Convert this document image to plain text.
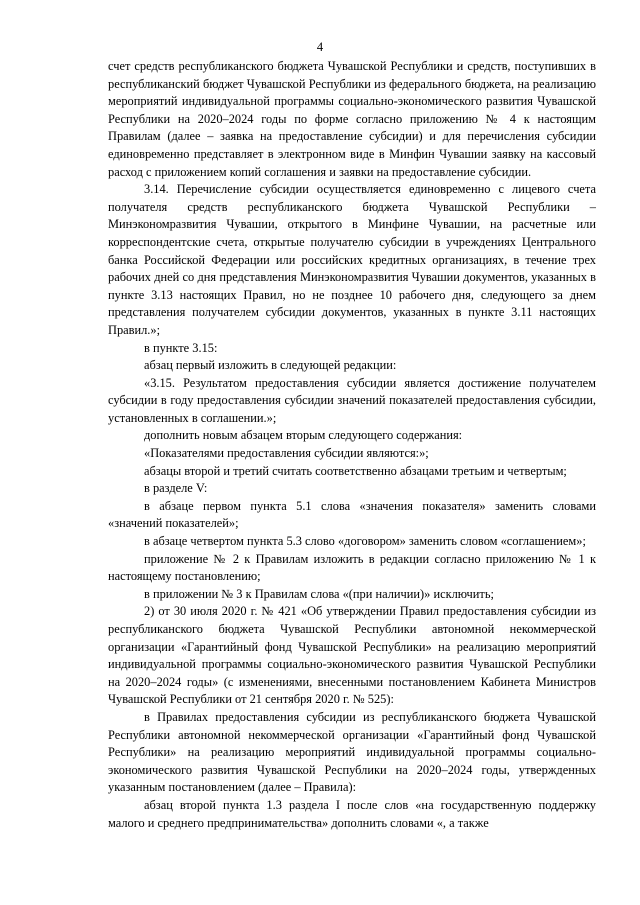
4

счет средств республиканского бюджета Чувашской Республики и средств, поступивших в республиканский бюджет Чувашской Республики из федерального бюджета, на реализацию мероприятий индивидуальной программы социально-экономического развития Чувашской Республики на 2020–2024 годы по форме согласно приложению № 4 к настоящим Правилам (далее – заявка на предоставление субсидии) и для перечисления субсидии единовременно представляет в электронном виде в Минфин Чувашии заявку на кассовый расход с приложением копий соглашения и заявки на предоставление субсидии.

3.14. Перечисление субсидии осуществляется единовременно с лицевого счета получателя средств республиканского бюджета Чувашской Республики – Минэкономразвития Чувашии, открытого в Минфине Чувашии, на расчетные или корреспондентские счета, открытые получателю субсидии в учреждениях Центрального банка Российской Федерации или российских кредитных организациях, в течение трех рабочих дней со дня представления Минэкономразвития Чувашии документов, указанных в пункте 3.13 настоящих Правил, но не позднее 10 рабочего дня, следующего за днем представления получателем субсидии документов, указанных в пункте 3.11 настоящих Правил.»;

в пункте 3.15:

абзац первый изложить в следующей редакции:

«3.15. Результатом предоставления субсидии является достижение получателем субсидии в году предоставления субсидии значений показателей предоставления субсидии, установленных в соглашении.»;

дополнить новым абзацем вторым следующего содержания:

«Показателями предоставления субсидии являются:»;

абзацы второй и третий считать соответственно абзацами третьим и четвертым;

в разделе V:

в абзаце первом пункта 5.1 слова «значения показателя» заменить словами «значений показателей»;

в абзаце четвертом пункта 5.3 слово «договором» заменить словом «соглашением»;

приложение № 2 к Правилам изложить в редакции согласно приложению № 1 к настоящему постановлению;

в приложении № 3 к Правилам слова «(при наличии)» исключить;

2) от 30 июля 2020 г. № 421 «Об утверждении Правил предоставления субсидии из республиканского бюджета Чувашской Республики автономной некоммерческой организации «Гарантийный фонд Чувашской Республики» на реализацию мероприятий индивидуальной программы социально-экономического развития Чувашской Республики на 2020–2024 годы» (с изменениями, внесенными постановлением Кабинета Министров Чувашской Республики от 21 сентября 2020 г. № 525):

в Правилах предоставления субсидии из республиканского бюджета Чувашской Республики автономной некоммерческой организации «Гарантийный фонд Чувашской Республики» на реализацию мероприятий индивидуальной программы социально-экономического развития Чувашской Республики на 2020–2024 годы, утвержденных указанным постановлением (далее – Правила):

абзац второй пункта 1.3 раздела I после слов «на государственную поддержку малого и среднего предпринимательства» дополнить словами «, а также
